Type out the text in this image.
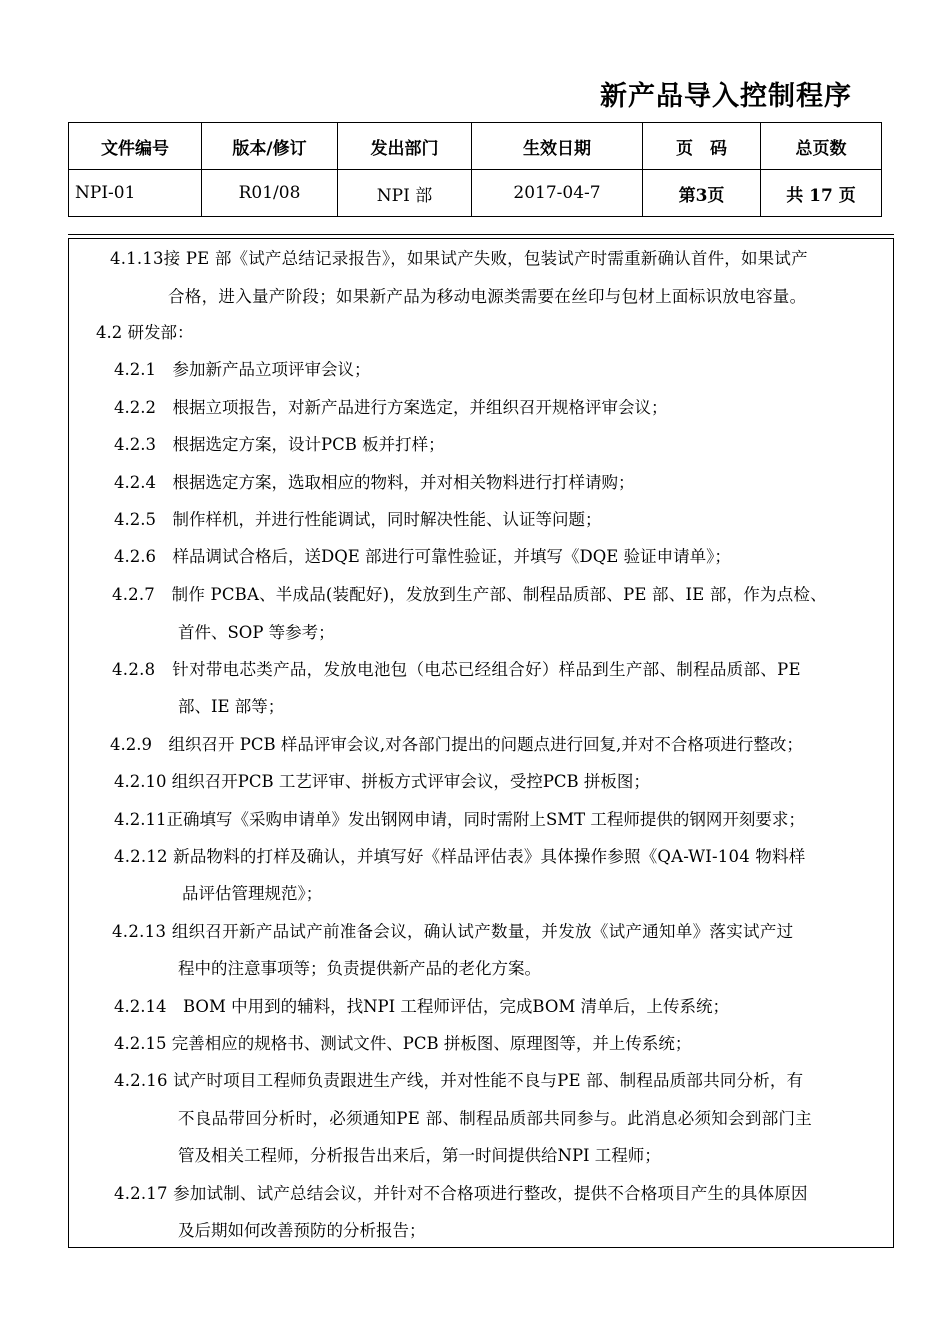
新产品导入控制程序
文件编号	版本/修订	发出部门	生效日期	页　码	总页数
NPI-01	R01/08	NPI 部	2017-04-7	第3页	共 17 页
4.1.13接 PE 部《试产总结记录报告》，如果试产失败，包装试产时需重新确认首件，如果试产
合格，进入量产阶段；如果新产品为移动电源类需要在丝印与包材上面标识放电容量。
4.2 研发部：
4.2.1　参加新产品立项评审会议；
4.2.2　根据立项报告，对新产品进行方案选定，并组织召开规格评审会议；
4.2.3　根据选定方案，设计PCB 板并打样；
4.2.4　根据选定方案，选取相应的物料，并对相关物料进行打样请购；
4.2.5　制作样机，并进行性能调试，同时解决性能、认证等问题；
4.2.6　样品调试合格后，送DQE 部进行可靠性验证，并填写《DQE 验证申请单》；
4.2.7　制作 PCBA、半成品(装配好)，发放到生产部、制程品质部、PE 部、IE 部，作为点检、
首件、SOP 等参考；
4.2.8　针对带电芯类产品，发放电池包（电芯已经组合好）样品到生产部、制程品质部、PE
部、IE 部等；
4.2.9　组织召开 PCB 样品评审会议,对各部门提出的问题点进行回复,并对不合格项进行整改；
4.2.10 组织召开PCB 工艺评审、拼板方式评审会议，受控PCB 拼板图；
4.2.11正确填写《采购申请单》发出钢网申请，同时需附上SMT 工程师提供的钢网开刻要求；
4.2.12 新品物料的打样及确认，并填写好《样品评估表》具体操作参照《QA-WI-104 物料样
品评估管理规范》；
4.2.13 组织召开新产品试产前准备会议，确认试产数量，并发放《试产通知单》落实试产过
程中的注意事项等；负责提供新产品的老化方案。
4.2.14　BOM 中用到的辅料，找NPI 工程师评估，完成BOM 清单后，上传系统；
4.2.15 完善相应的规格书、测试文件、PCB 拼板图、原理图等，并上传系统；
4.2.16 试产时项目工程师负责跟进生产线，并对性能不良与PE 部、制程品质部共同分析，有
不良品带回分析时，必须通知PE 部、制程品质部共同参与。此消息必须知会到部门主
管及相关工程师，分析报告出来后，第一时间提供给NPI 工程师；
4.2.17 参加试制、试产总结会议，并针对不合格项进行整改，提供不合格项目产生的具体原因
及后期如何改善预防的分析报告；
